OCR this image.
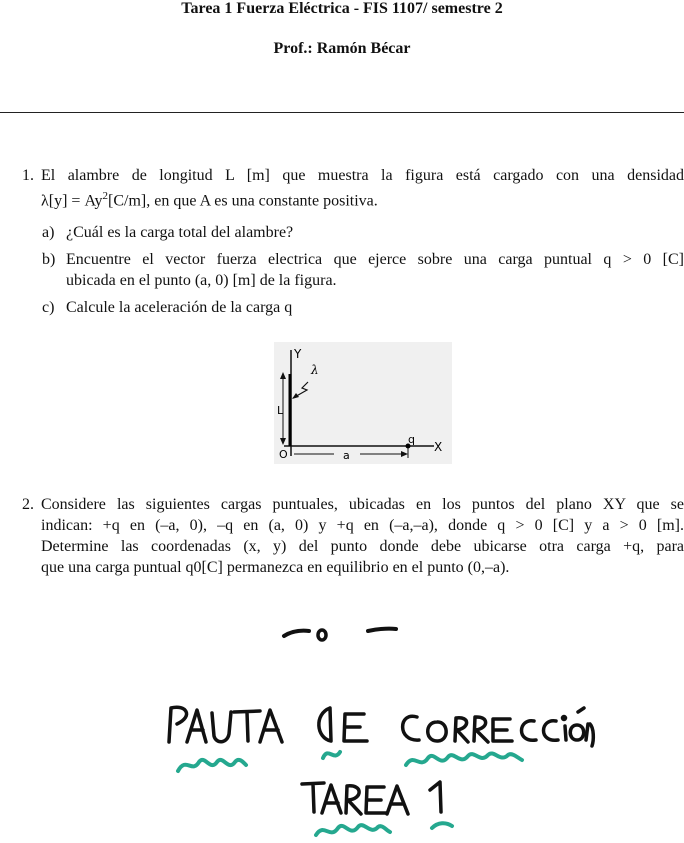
Tarea 1 Fuerza Eléctrica - FIS 1107/ semestre 2
Prof.: Ramón Bécar
1. El alambre de longitud L [m] que muestra la figura está cargado con una densidad
$\lambda[y] = Ay^2[C/m]$, en que A es una constante positiva.
a) ¿Cuál es la carga total del alambre?
b) Encuentre el vector fuerza electrica que ejerce sobre una carga puntual q > 0 [C]
ubicada en el punto (a, 0) [m] de la figura.
c) Calcule la aceleración de la carga q
Y
X
λ
L
O	a
q
2. Considere las siguientes cargas puntuales, ubicadas en los puntos del plano XY que se
indican: +q en (–a, 0), –q en (a, 0) y +q en (–a,–a), donde q > 0 [C] y a > 0 [m].
Determine las coordenadas (x, y) del punto donde debe ubicarse otra carga +q, para
que una carga puntual q0[C] permanezca en equilibrio en el punto (0,–a).
